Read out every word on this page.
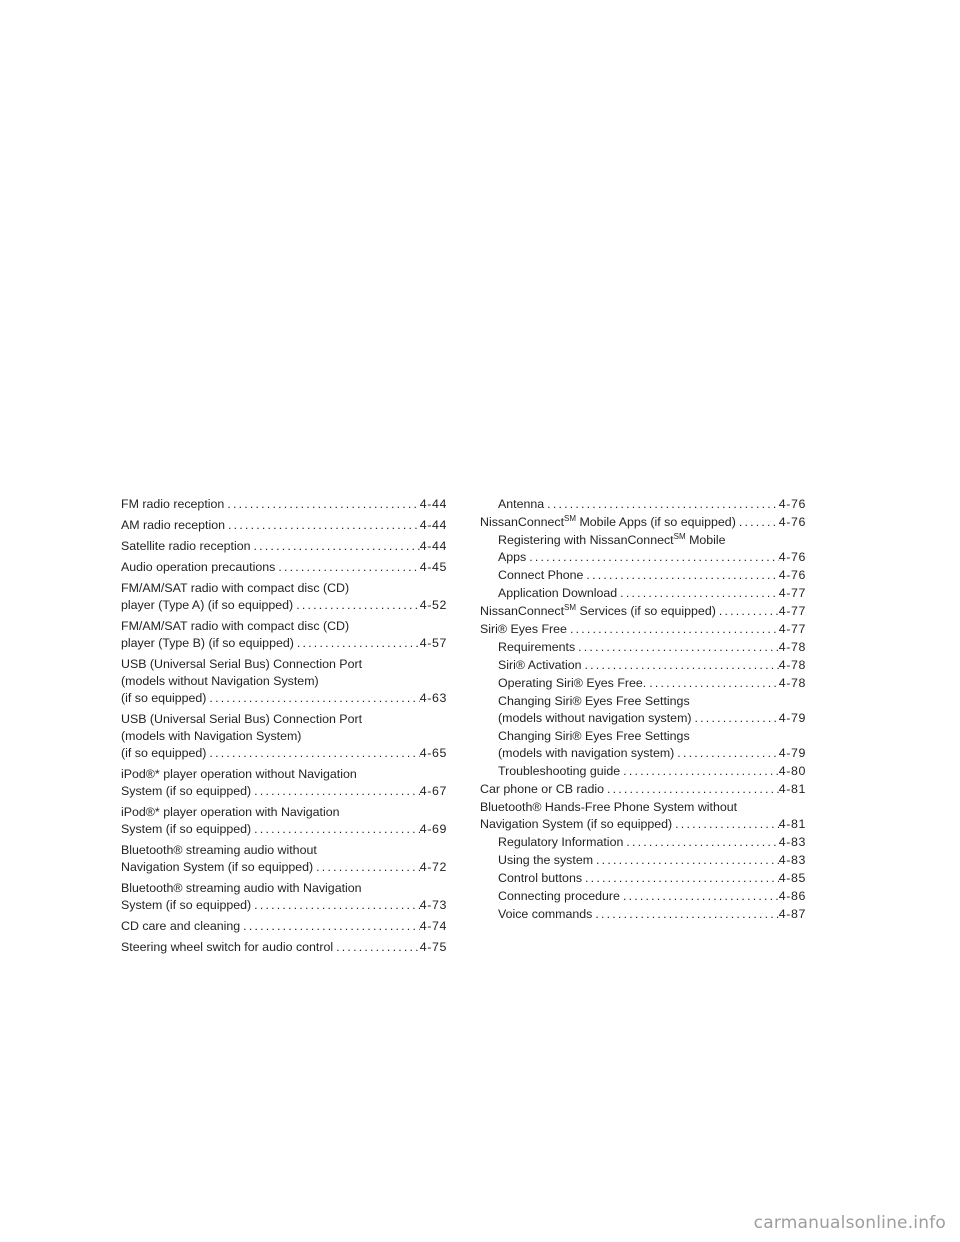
FM radio reception .....	4-44
AM radio reception .....	4-44
Satellite radio reception .....	4-44
Audio operation precautions .....	4-45
FM/AM/SAT radio with compact disc (CD)
player (Type A) (if so equipped) .....	4-52
FM/AM/SAT radio with compact disc (CD)
player (Type B) (if so equipped) .....	4-57
USB (Universal Serial Bus) Connection Port
(models without Navigation System)
(if so equipped) .....	4-63
USB (Universal Serial Bus) Connection Port
(models with Navigation System)
(if so equipped) .....	4-65
iPod®* player operation without Navigation
System (if so equipped) .....	4-67
iPod®* player operation with Navigation
System (if so equipped) .....	4-69
Bluetooth® streaming audio without
Navigation System (if so equipped) .....	4-72
Bluetooth® streaming audio with Navigation
System (if so equipped) .....	4-73
CD care and cleaning .....	4-74
Steering wheel switch for audio control .....	4-75
Antenna .....	4-76
NissanConnect℠ Mobile Apps (if so equipped) .....	4-76
Registering with NissanConnect℠ Mobile
Apps .....	4-76
Connect Phone .....	4-76
Application Download .....	4-77
NissanConnect℠ Services (if so equipped) .....	4-77
Siri® Eyes Free .....	4-77
Requirements .....	4-78
Siri® Activation .....	4-78
Operating Siri® Eyes Free. .....	4-78
Changing Siri® Eyes Free Settings
(models without navigation system) .....	4-79
Changing Siri® Eyes Free Settings
(models with navigation system) .....	4-79
Troubleshooting guide .....	4-80
Car phone or CB radio .....	4-81
Bluetooth® Hands-Free Phone System without
Navigation System (if so equipped) .....	4-81
Regulatory Information .....	4-83
Using the system .....	4-83
Control buttons .....	4-85
Connecting procedure .....	4-86
Voice commands .....	4-87
carmanualsonline.info
